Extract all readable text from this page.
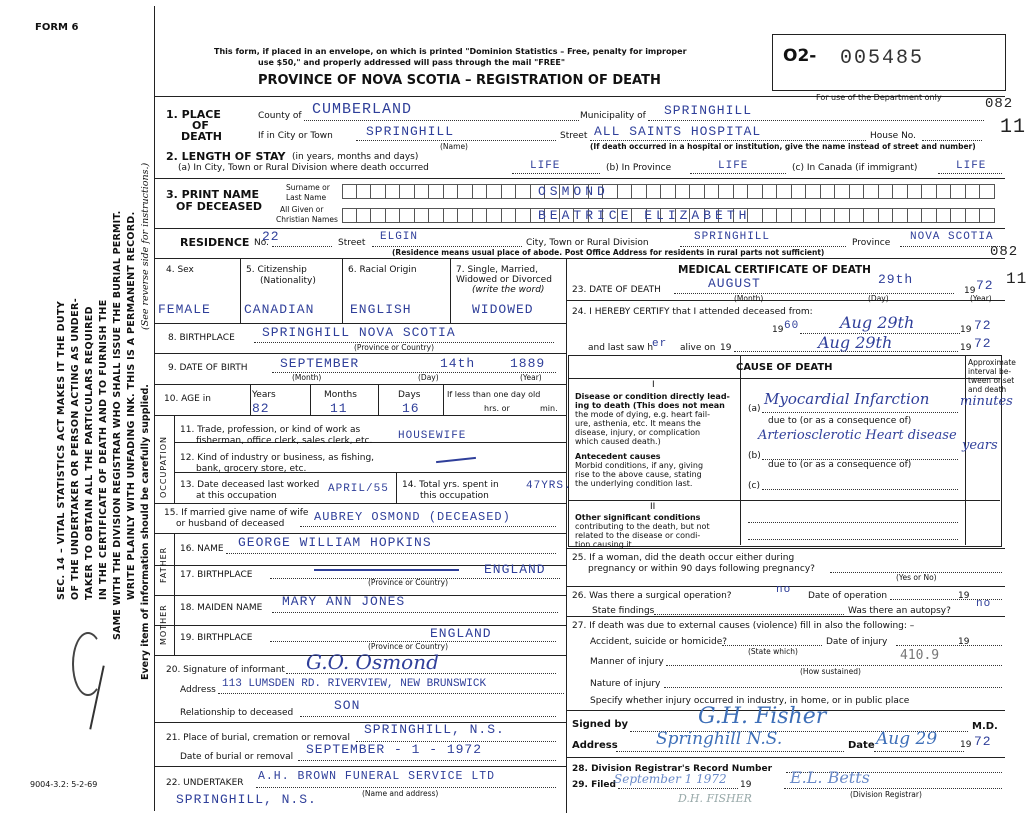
FORM 6
This form, if placed in an envelope, on which is printed "Dominion Statistics – Free, penalty for improper
use $50," and properly addressed will pass through the mail "FREE"
PROVINCE OF NOVA SCOTIA – REGISTRATION OF DEATH
O2- 005485
For use of the Department only
SEC. 14 – VITAL STATISTICS ACT MAKES IT THE DUTY OF THE UNDERTAKER OR PERSON ACTING AS UNDER- TAKER TO OBTAIN ALL THE PARTICULARS REQUIRED IN THE CERTIFICATE OF DEATH AND TO FURNISH THE SAME WITH THE DIVISION REGISTRAR WHO SHALL ISSUE THE BURIAL PERMIT. WRITE PLAINLY WITH UNFADING INK. THIS IS A PERMANENT RECORD. (See reverse side for instructions.)
Every item of information should be carefully supplied.
9004-3.2: 5-2-69
1. PLACE
OF
DEATH
County of CUMBERLAND	Municipality of SPRINGHILL	082
If in City or Town	SPRINGHILL
(Name)
Street ALL SAINTS HOSPITAL	House No.	11
(If death occurred in a hospital or institution, give the name instead of street and number)
2. LENGTH OF STAY (in years, months and days)
(a) In City, Town or Rural Division where death occurred	LIFE	(b) In Province	LIFE	(c) In Canada (if immigrant)	LIFE
3. PRINT NAME
OF DECEASED
Surname or
Last Name
All Given or
Christian Names
OSMOND
BEATRICE ELIZABETH
RESIDENCE No.
22	Street ELGIN	City, Town or Rural Division	SPRINGHILL	Province NOVA SCOTIA
(Residence means usual place of abode. Post Office Address for residents in rural parts not sufficient)	082
4. Sex	5. Citizenship
(Nationality)
6. Racial Origin	7. Single, Married,
Widowed or Divorced
(write the word)
FEMALE	CANADIAN	ENGLISH	WIDOWED
8. BIRTHPLACE SPRINGHILL NOVA SCOTIA
(Province or Country)
9. DATE OF BIRTH SEPTEMBER	14th	1889
(Month)	(Day)	(Year)
10. AGE in	Years	Months	Days	If less than one day old
hrs. or	min.
82	11	16
OCCUPATION
11. Trade, profession, or kind of work as
fisherman, office clerk, sales clerk, etc. HOUSEWIFE
12. Kind of industry or business, as fishing,
bank, grocery store, etc.
13. Date deceased last worked
at this occupation
APRIL/55 14. Total yrs. spent in
this occupation
47YRS.
15. If married give name of wife
or husband of deceased AUBREY OSMOND (DECEASED)
FATHER
MOTHER
16. NAME GEORGE WILLIAM HOPKINS
17. BIRTHPLACE	ENGLAND
(Province or Country)
18. MAIDEN NAME MARY ANN JONES
19. BIRTHPLACE	ENGLAND
(Province or Country)
20. Signature of informant G.O. Osmond
Address 113 LUMSDEN RD. RIVERVIEW, NEW BRUNSWICK
Relationship to deceased	SON
21. Place of burial, cremation or removal
SPRINGHILL, N.S.
Date of burial or removal SEPTEMBER - 1 - 1972
22. UNDERTAKER A.H. BROWN FUNERAL SERVICE LTD
SPRINGHILL, N.S.	(Name and address)
MEDICAL CERTIFICATE OF DEATH
23. DATE OF DEATH	AUGUST	29th
19 72 11
(Month)	(Day)	(Year)
24. I HEREBY CERTIFY that I attended deceased from:
19 60	Aug 29th	19 72
and last saw h
er alive on 19	Aug 29th	19 72
CAUSE OF DEATH	Approximate
interval be-
tween onset
and death
I
Disease or condition directly lead-
ing to death (This does not mean
the mode of dying, e.g. heart fail-
ure, asthenia, etc. It means the
disease, injury, or complication
which caused death.)
Antecedent causes
Morbid conditions, if any, giving
rise to the above cause, stating
the underlying condition last.
(a)
Myocardial Infarction minutes
due to (or as a consequence of)
(b)
Arteriosclerotic Heart disease
years
due to (or as a consequence of)
(c)
II
Other significant conditions
contributing to the death, but not
related to the disease or condi-
tion causing it.
25. If a woman, did the death occur either during
pregnancy or within 90 days following pregnancy?
(Yes or No)
26. Was there a surgical operation?	no Date of operation	19
State findings	Was there an autopsy?
no
27. If death was due to external causes (violence) fill in also the following: –
Accident, suicide or homicide?
(State which)
Date of injury	19
Manner of injury	410.9
(How sustained)
Nature of injury
Specify whether injury occurred in industry, in home, or in public place
Signed by	G.H. Fisher	M.D.
Address Springhill N.S.	Date Aug 29	19 72
28. Division Registrar's Record Number
29. Filed
September 1 1972 19 E.L. Betts
(Division Registrar)
D.H. FISHER
